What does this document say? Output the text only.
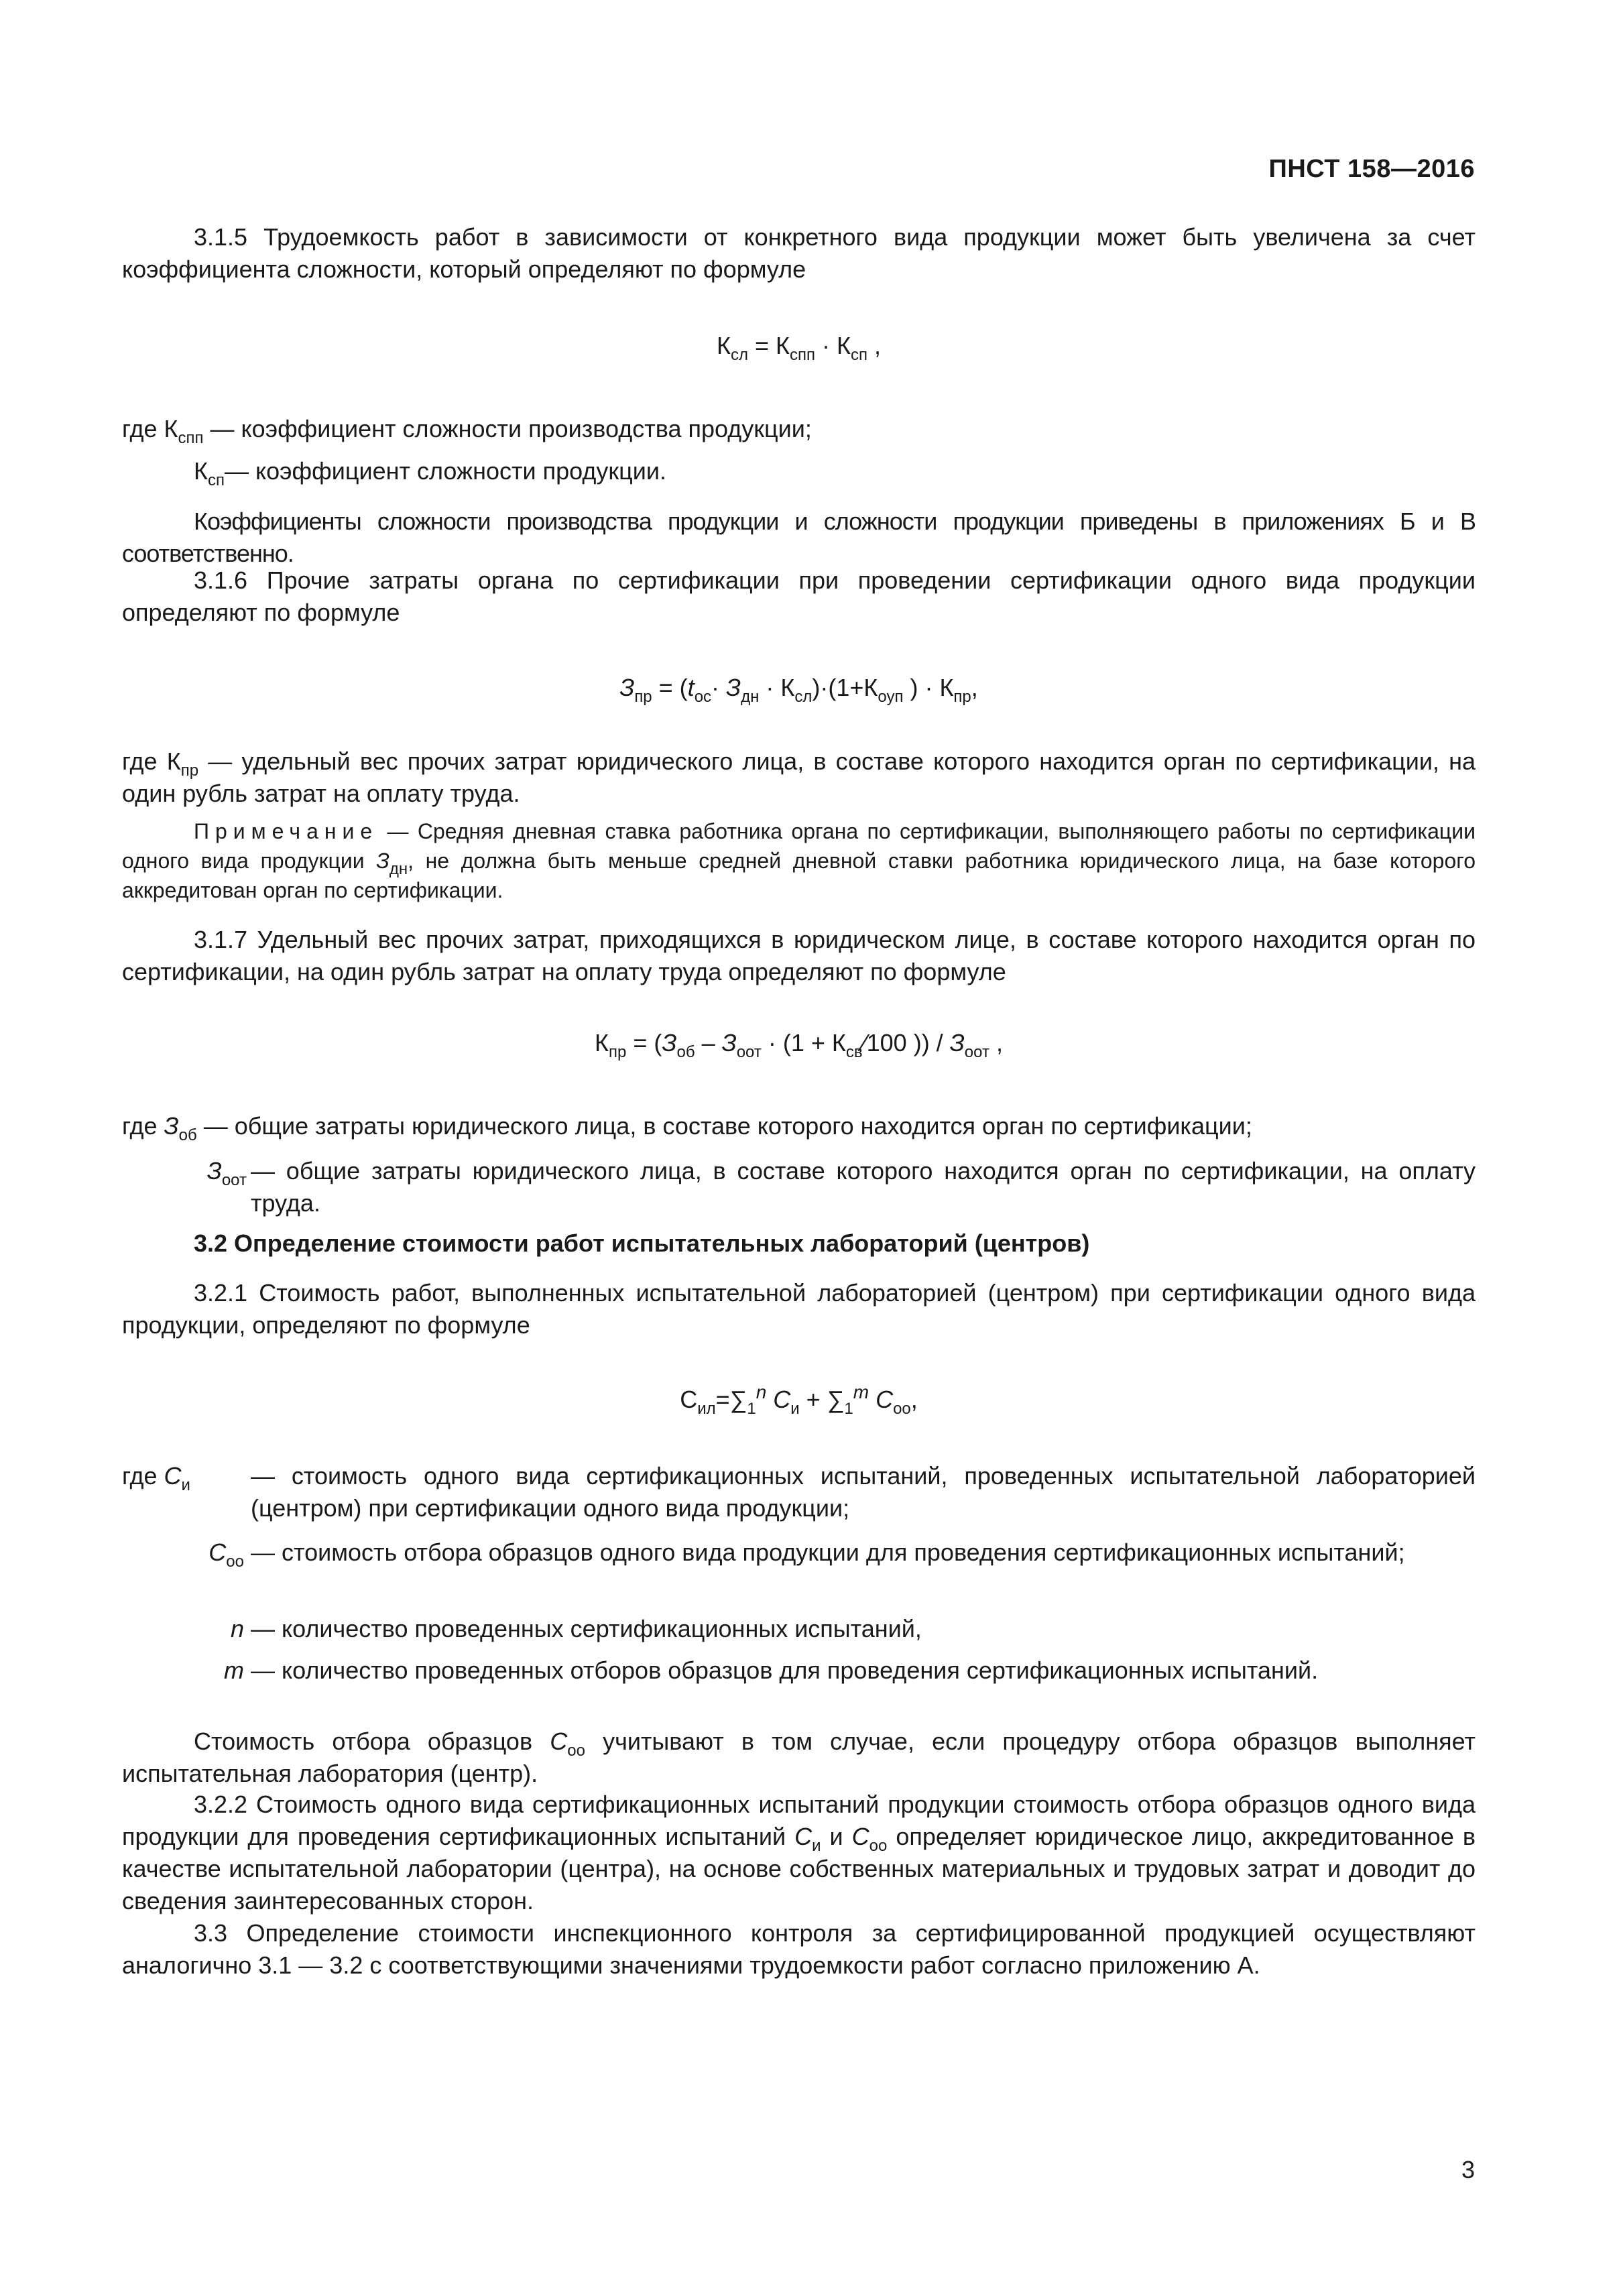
ПНСТ 158—2016
3.1.5 Трудоемкость работ в зависимости от конкретного вида продукции может быть увеличена за счет коэффициента сложности, который определяют по формуле
$К_{сл} = К_{спп} \cdot К_{сп}$ ,
где $К_{спп}$ — коэффициент сложности производства продукции;
$К_{сп}—$ коэффициент сложности продукции.
Коэффициенты сложности производства продукции и сложности продукции приведены в приложениях Б и В соответственно.
3.1.6 Прочие затраты органа по сертификации при проведении сертификации одного вида продукции определяют по формуле
$З_{пр} = (t_{ос}\cdot З_{дн} \cdot К_{сл})\cdot(1+К_{оуп}$ ) · $К_{пр}$,
где $К_{пр}$ — удельный вес прочих затрат юридического лица, в составе которого находится орган по сертификации, на один рубль затрат на оплату труда.
Примечание — Средняя дневная ставка работника органа по сертификации, выполняющего работы по сертификации одного вида продукции $З_{дн}$, не должна быть меньше средней дневной ставки работника юридического лица, на базе которого аккредитован орган по сертификации.
3.1.7 Удельный вес прочих затрат, приходящихся в юридическом лице, в составе которого находится орган по сертификации, на один рубль затрат на оплату труда определяют по формуле
$К_{пр} = (З_{об} - З_{оот} \cdot (1$ + $К_{св}⁄100$ )) / $З_{оот}$ ,
где $З_{об}$ — общие затраты юридического лица, в составе которого находится орган по сертификации;
$З_{оот}$ — общие затраты юридического лица, в составе которого находится орган по сертификации, на оплату труда.
3.2 Определение стоимости работ испытательных лабораторий (центров)
3.2.1 Стоимость работ, выполненных испытательной лабораторией (центром) при сертификации одного вида продукции, определяют по формуле
$С_{ил}=\sum_1^n$ $С_и + \sum_1^m$ $С_{оо}$,
где $С_и$	— стоимость одного вида сертификационных испытаний, проведенных испытательной лабораторией (центром) при сертификации одного вида продукции;
$С_{оо}$ — стоимость отбора образцов одного вида продукции для проведения сертификационных испытаний;
n — количество проведенных сертификационных испытаний,
m — количество проведенных отборов образцов для проведения сертификационных испытаний.
Стоимость отбора образцов $С_{оо}$ учитывают в том случае, если процедуру отбора образцов выполняет испытательная лаборатория (центр).
3.2.2 Стоимость одного вида сертификационных испытаний продукции стоимость отбора образцов одного вида продукции для проведения сертификационных испытаний $С_и$ и $С_{оо}$ определяет юридическое лицо, аккредитованное в качестве испытательной лаборатории (центра), на основе собственных материальных и трудовых затрат и доводит до сведения заинтересованных сторон.
3.3 Определение стоимости инспекционного контроля за сертифицированной продукцией осуществляют аналогично 3.1 — 3.2 с соответствующими значениями трудоемкости работ согласно приложению А.
3
